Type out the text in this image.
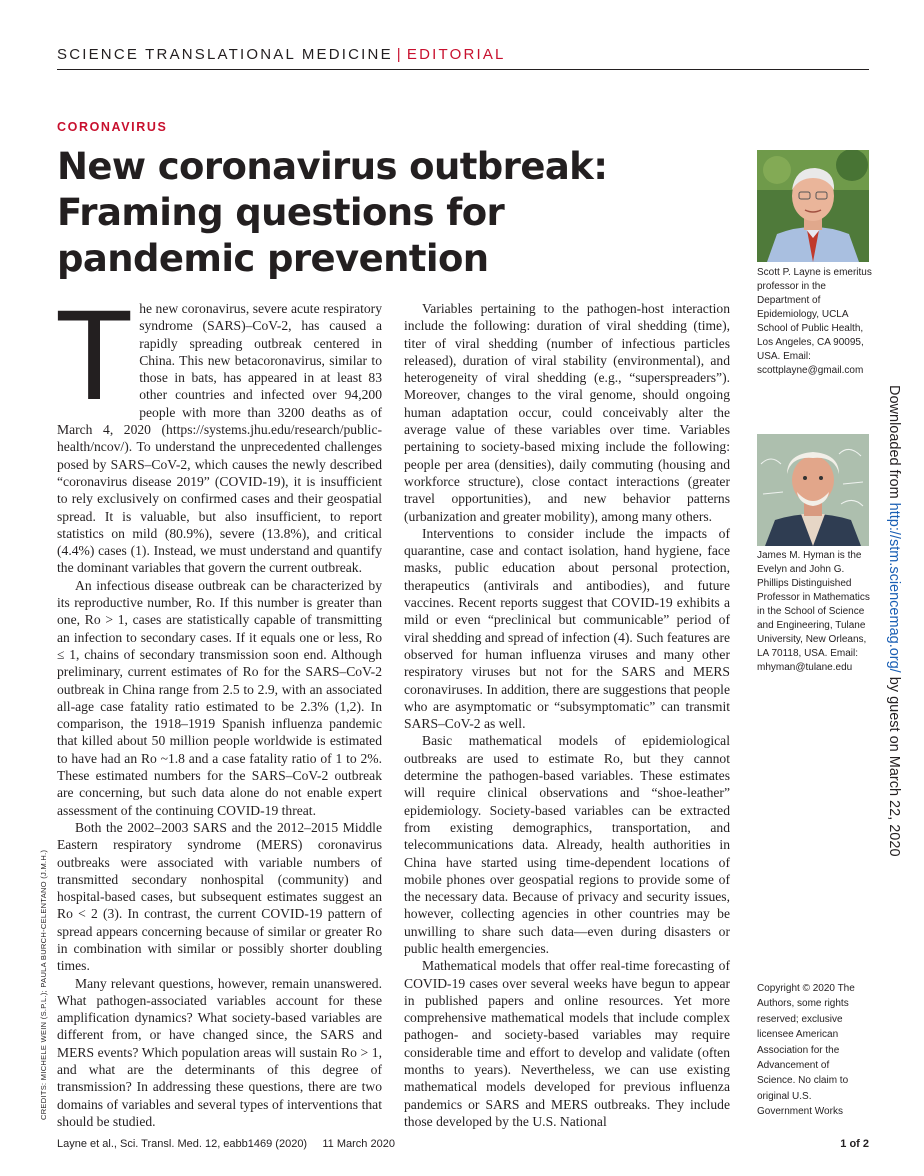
SCIENCE TRANSLATIONAL MEDICINE | EDITORIAL
CORONAVIRUS
New coronavirus outbreak:
Framing questions for
pandemic prevention

The new coronavirus, severe acute respiratory syndrome (SARS)–CoV-2, has caused a rapidly spreading outbreak centered in China. This new betacoronavirus, similar to those in bats, has appeared in at least 83 other countries and infected over 94,200 people with more than 3200 deaths as of March 4, 2020 (https://systems.jhu.edu/research/public-health/ncov/). To understand the unprecedented challenges posed by SARS–CoV-2, which causes the newly described “coronavirus disease 2019” (COVID-19), it is insufficient to rely exclusively on confirmed cases and their geospatial spread. It is valuable, but also insufficient, to report statistics on mild (80.9%), severe (13.8%), and critical (4.4%) cases (1). Instead, we must understand and quantify the dominant variables that govern the current outbreak.

An infectious disease outbreak can be characterized by its reproductive number, Ro. If this number is greater than one, Ro > 1, cases are statistically capable of transmitting an infection to secondary cases. If it equals one or less, Ro ≤ 1, chains of secondary transmission soon end. Although preliminary, current estimates of Ro for the SARS–CoV-2 outbreak in China range from 2.5 to 2.9, with an associated all-age case fatality ratio estimated to be 2.3% (1,2). In comparison, the 1918–1919 Spanish influenza pandemic that killed about 50 million people worldwide is estimated to have had an Ro ~1.8 and a case fatality ratio of 1 to 2%. These estimated numbers for the SARS–CoV-2 outbreak are concerning, but such data alone do not enable expert assessment of the continuing COVID-19 threat.

Both the 2002–2003 SARS and the 2012–2015 Middle Eastern respiratory syndrome (MERS) coronavirus outbreaks were associated with variable numbers of transmitted secondary nonhospital (community) and hospital-based cases, but subsequent estimates suggest an Ro < 2 (3). In contrast, the current COVID-19 pattern of spread appears concerning because of similar or greater Ro in combination with similar or possibly shorter doubling times.

Many relevant questions, however, remain unanswered. What pathogen-associated variables account for these amplification dynamics? What society-based variables are different from, or have changed since, the SARS and MERS events? Which population areas will sustain Ro > 1, and what are the determinants of this degree of transmission? In addressing these questions, there are two domains of variables and several types of interventions that should be studied.

Variables pertaining to the pathogen-host interaction include the following: duration of viral shedding (time), titer of viral shedding (number of infectious particles released), duration of viral stability (environmental), and heterogeneity of viral shedding (e.g., “superspreaders”). Moreover, changes to the viral genome, should ongoing human adaptation occur, could conceivably alter the average value of these variables over time. Variables pertaining to society-based mixing include the following: people per area (densities), daily commuting (housing and workforce structure), close contact interactions (greater travel opportunities), and new behavior patterns (urbanization and greater mobility), among many others.

Interventions to consider include the impacts of quarantine, case and contact isolation, hand hygiene, face masks, public education about personal protection, therapeutics (antivirals and antibodies), and future vaccines. Recent reports suggest that COVID-19 exhibits a mild or even “preclinical but communicable” period of viral shedding and spread of infection (4). Such features are observed for human influenza viruses and many other respiratory viruses but not for the SARS and MERS coronaviruses. In addition, there are suggestions that people who are asymptomatic or “subsymptomatic” can transmit SARS–CoV-2 as well.

Basic mathematical models of epidemiological outbreaks are used to estimate Ro, but they cannot determine the pathogen-based variables. These estimates will require clinical observations and “shoe-leather” epidemiology. Society-based variables can be extracted from existing demographics, transportation, and telecommunications data. Already, health authorities in China have started using time-dependent locations of mobile phones over geospatial regions to provide some of the necessary data. Because of privacy and security issues, however, collecting agencies in other countries may be unwilling to share such data—even during disasters or public health emergencies.

Mathematical models that offer real-time forecasting of COVID-19 cases over several weeks have begun to appear in published papers and online resources. Yet more comprehensive mathematical models that include complex pathogen- and society-based variables may require considerable time and effort to develop and validate (often months to years). Nevertheless, we can use existing mathematical models developed for previous influenza pandemics or SARS and MERS outbreaks. They include those developed by the U.S. National

Scott P. Layne is emeritus professor in the Department of Epidemiology, UCLA School of Public Health, Los Angeles, CA 90095, USA. Email: scottplayne@gmail.com
James M. Hyman is the Evelyn and John G. Phillips Distinguished Professor in Mathematics in the School of Science and Engineering, Tulane University, New Orleans, LA 70118, USA. Email: mhyman@tulane.edu
Copyright © 2020 The Authors, some rights reserved; exclusive licensee American Association for the Advancement of Science. No claim to original U.S. Government Works
Layne et al., Sci. Transl. Med. 12, eabb1469 (2020)     11 March 2020	1 of 2
Downloaded from http://stm.sciencemag.org/ by guest on March 22, 2020
CREDITS: MICHELE WEIN (S.P.L.); PAULA BURCH-CELENTANO (J.M.H.)
